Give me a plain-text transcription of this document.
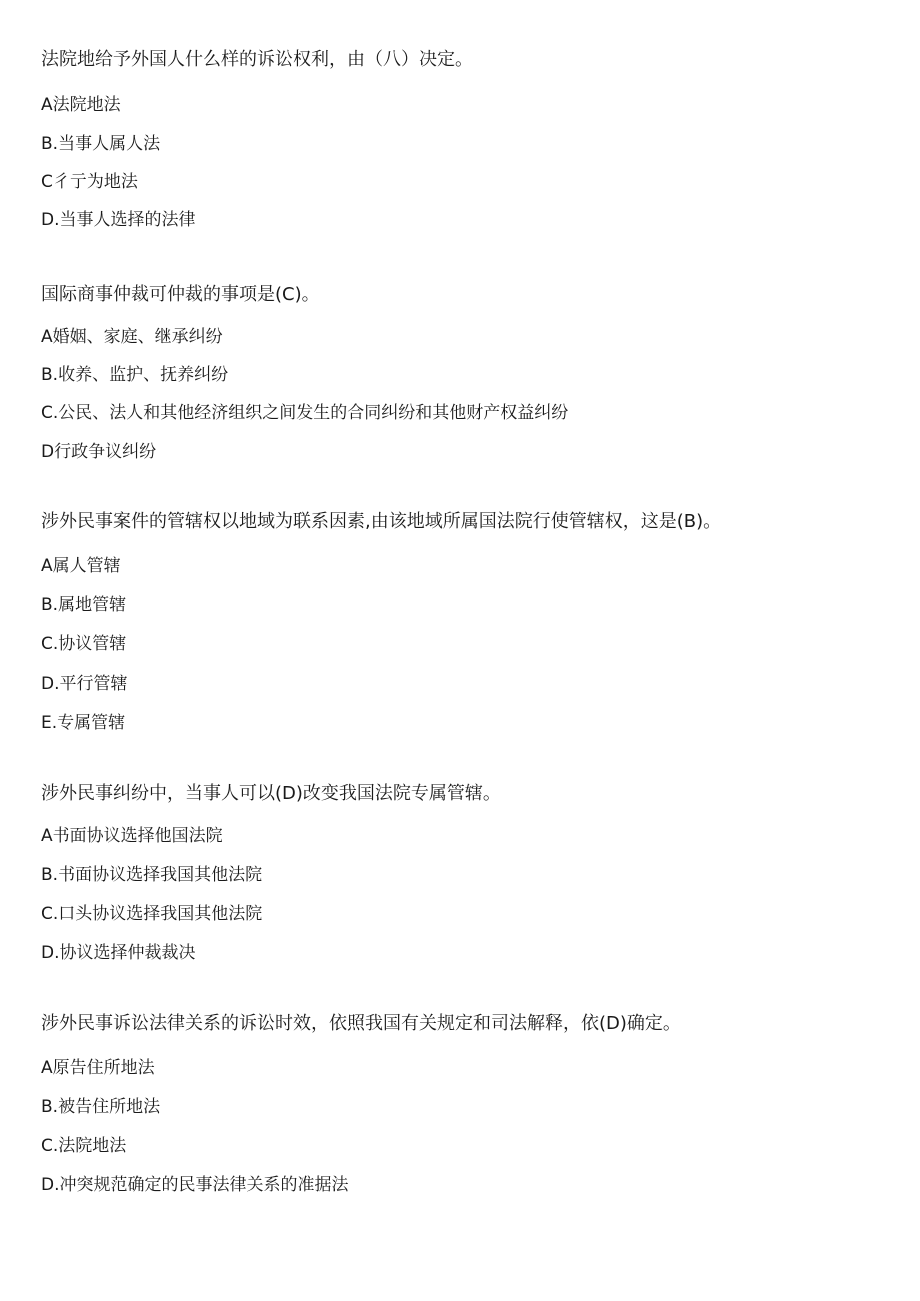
法院地给予外国人什么样的诉讼权利，由（八）决定。

A法院地法

B.当事人属人法

C彳亍为地法

D.当事人选择的法律

国际商事仲裁可仲裁的事项是(C)。

A婚姻、家庭、继承纠纷

B.收养、监护、抚养纠纷

C.公民、法人和其他经济组织之间发生的合同纠纷和其他财产权益纠纷

D行政争议纠纷

涉外民事案件的管辖权以地域为联系因素,由该地域所属国法院行使管辖权，这是(B)。

A属人管辖

B.属地管辖

C.协议管辖

D.平行管辖

E.专属管辖

涉外民事纠纷中，当事人可以(D)改变我国法院专属管辖。

A书面协议选择他国法院

B.书面协议选择我国其他法院

C.口头协议选择我国其他法院

D.协议选择仲裁裁决

涉外民事诉讼法律关系的诉讼时效，依照我国有关规定和司法解释，依(D)确定。

A原告住所地法

B.被告住所地法

C.法院地法

D.冲突规范确定的民事法律关系的准据法
